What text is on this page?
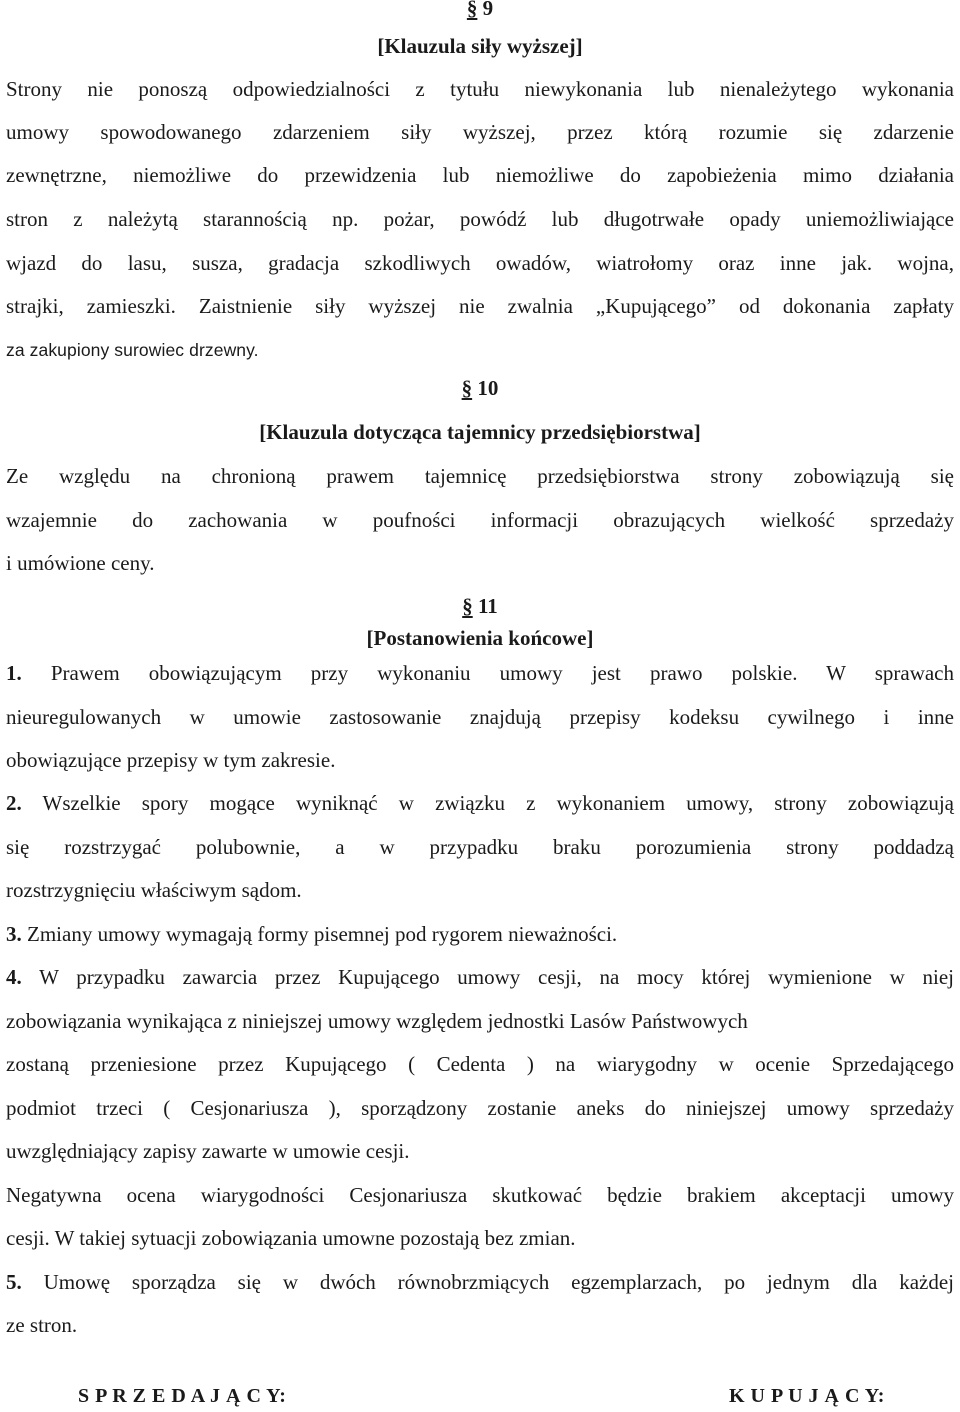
§ 9
[Klauzula siły wyższej]
Strony nie ponoszą odpowiedzialności z tytułu niewykonania lub nienależytego wykonania
umowy spowodowanego zdarzeniem siły wyższej, przez którą rozumie się zdarzenie
zewnętrzne, niemożliwe do przewidzenia lub niemożliwe do zapobieżenia mimo działania
stron z należytą starannością np. pożar, powódź lub długotrwałe opady uniemożliwiające
wjazd do lasu, susza, gradacja szkodliwych owadów, wiatrołomy oraz inne jak. wojna,
strajki, zamieszki. Zaistnienie siły wyższej nie zwalnia „Kupującego” od dokonania zapłaty
za zakupiony surowiec drzewny.
§ 10
[Klauzula dotycząca tajemnicy przedsiębiorstwa]
Ze względu na chronioną prawem tajemnicę przedsiębiorstwa strony zobowiązują się
wzajemnie do zachowania w poufności informacji obrazujących wielkość sprzedaży
i umówione ceny.
§ 11
[Postanowienia końcowe]
1. Prawem obowiązującym przy wykonaniu umowy jest prawo polskie. W sprawach
nieuregulowanych w umowie zastosowanie znajdują przepisy kodeksu cywilnego i inne
obowiązujące przepisy w tym zakresie.
2. Wszelkie spory mogące wyniknąć w związku z wykonaniem umowy, strony zobowiązują
się rozstrzygać polubownie, a w przypadku braku porozumienia strony poddadzą
rozstrzygnięciu właściwym sądom.
3. Zmiany umowy wymagają formy pisemnej pod rygorem nieważności.
4. W przypadku zawarcia przez Kupującego umowy cesji, na mocy której wymienione w niej
zobowiązania wynikająca z niniejszej umowy względem jednostki Lasów Państwowych
zostaną przeniesione przez Kupującego ( Cedenta ) na wiarygodny w ocenie Sprzedającego
podmiot trzeci ( Cesjonariusza ), sporządzony zostanie aneks do niniejszej umowy sprzedaży
uwzględniający zapisy zawarte w umowie cesji.
Negatywna ocena wiarygodności Cesjonariusza skutkować będzie brakiem akceptacji umowy
cesji. W takiej sytuacji zobowiązania umowne pozostają bez zmian.
5. Umowę sporządza się w dwóch równobrzmiących egzemplarzach, po jednym dla każdej
ze stron.
S P R Z E D A J Ą C Y:	K U P U J Ą C Y:
